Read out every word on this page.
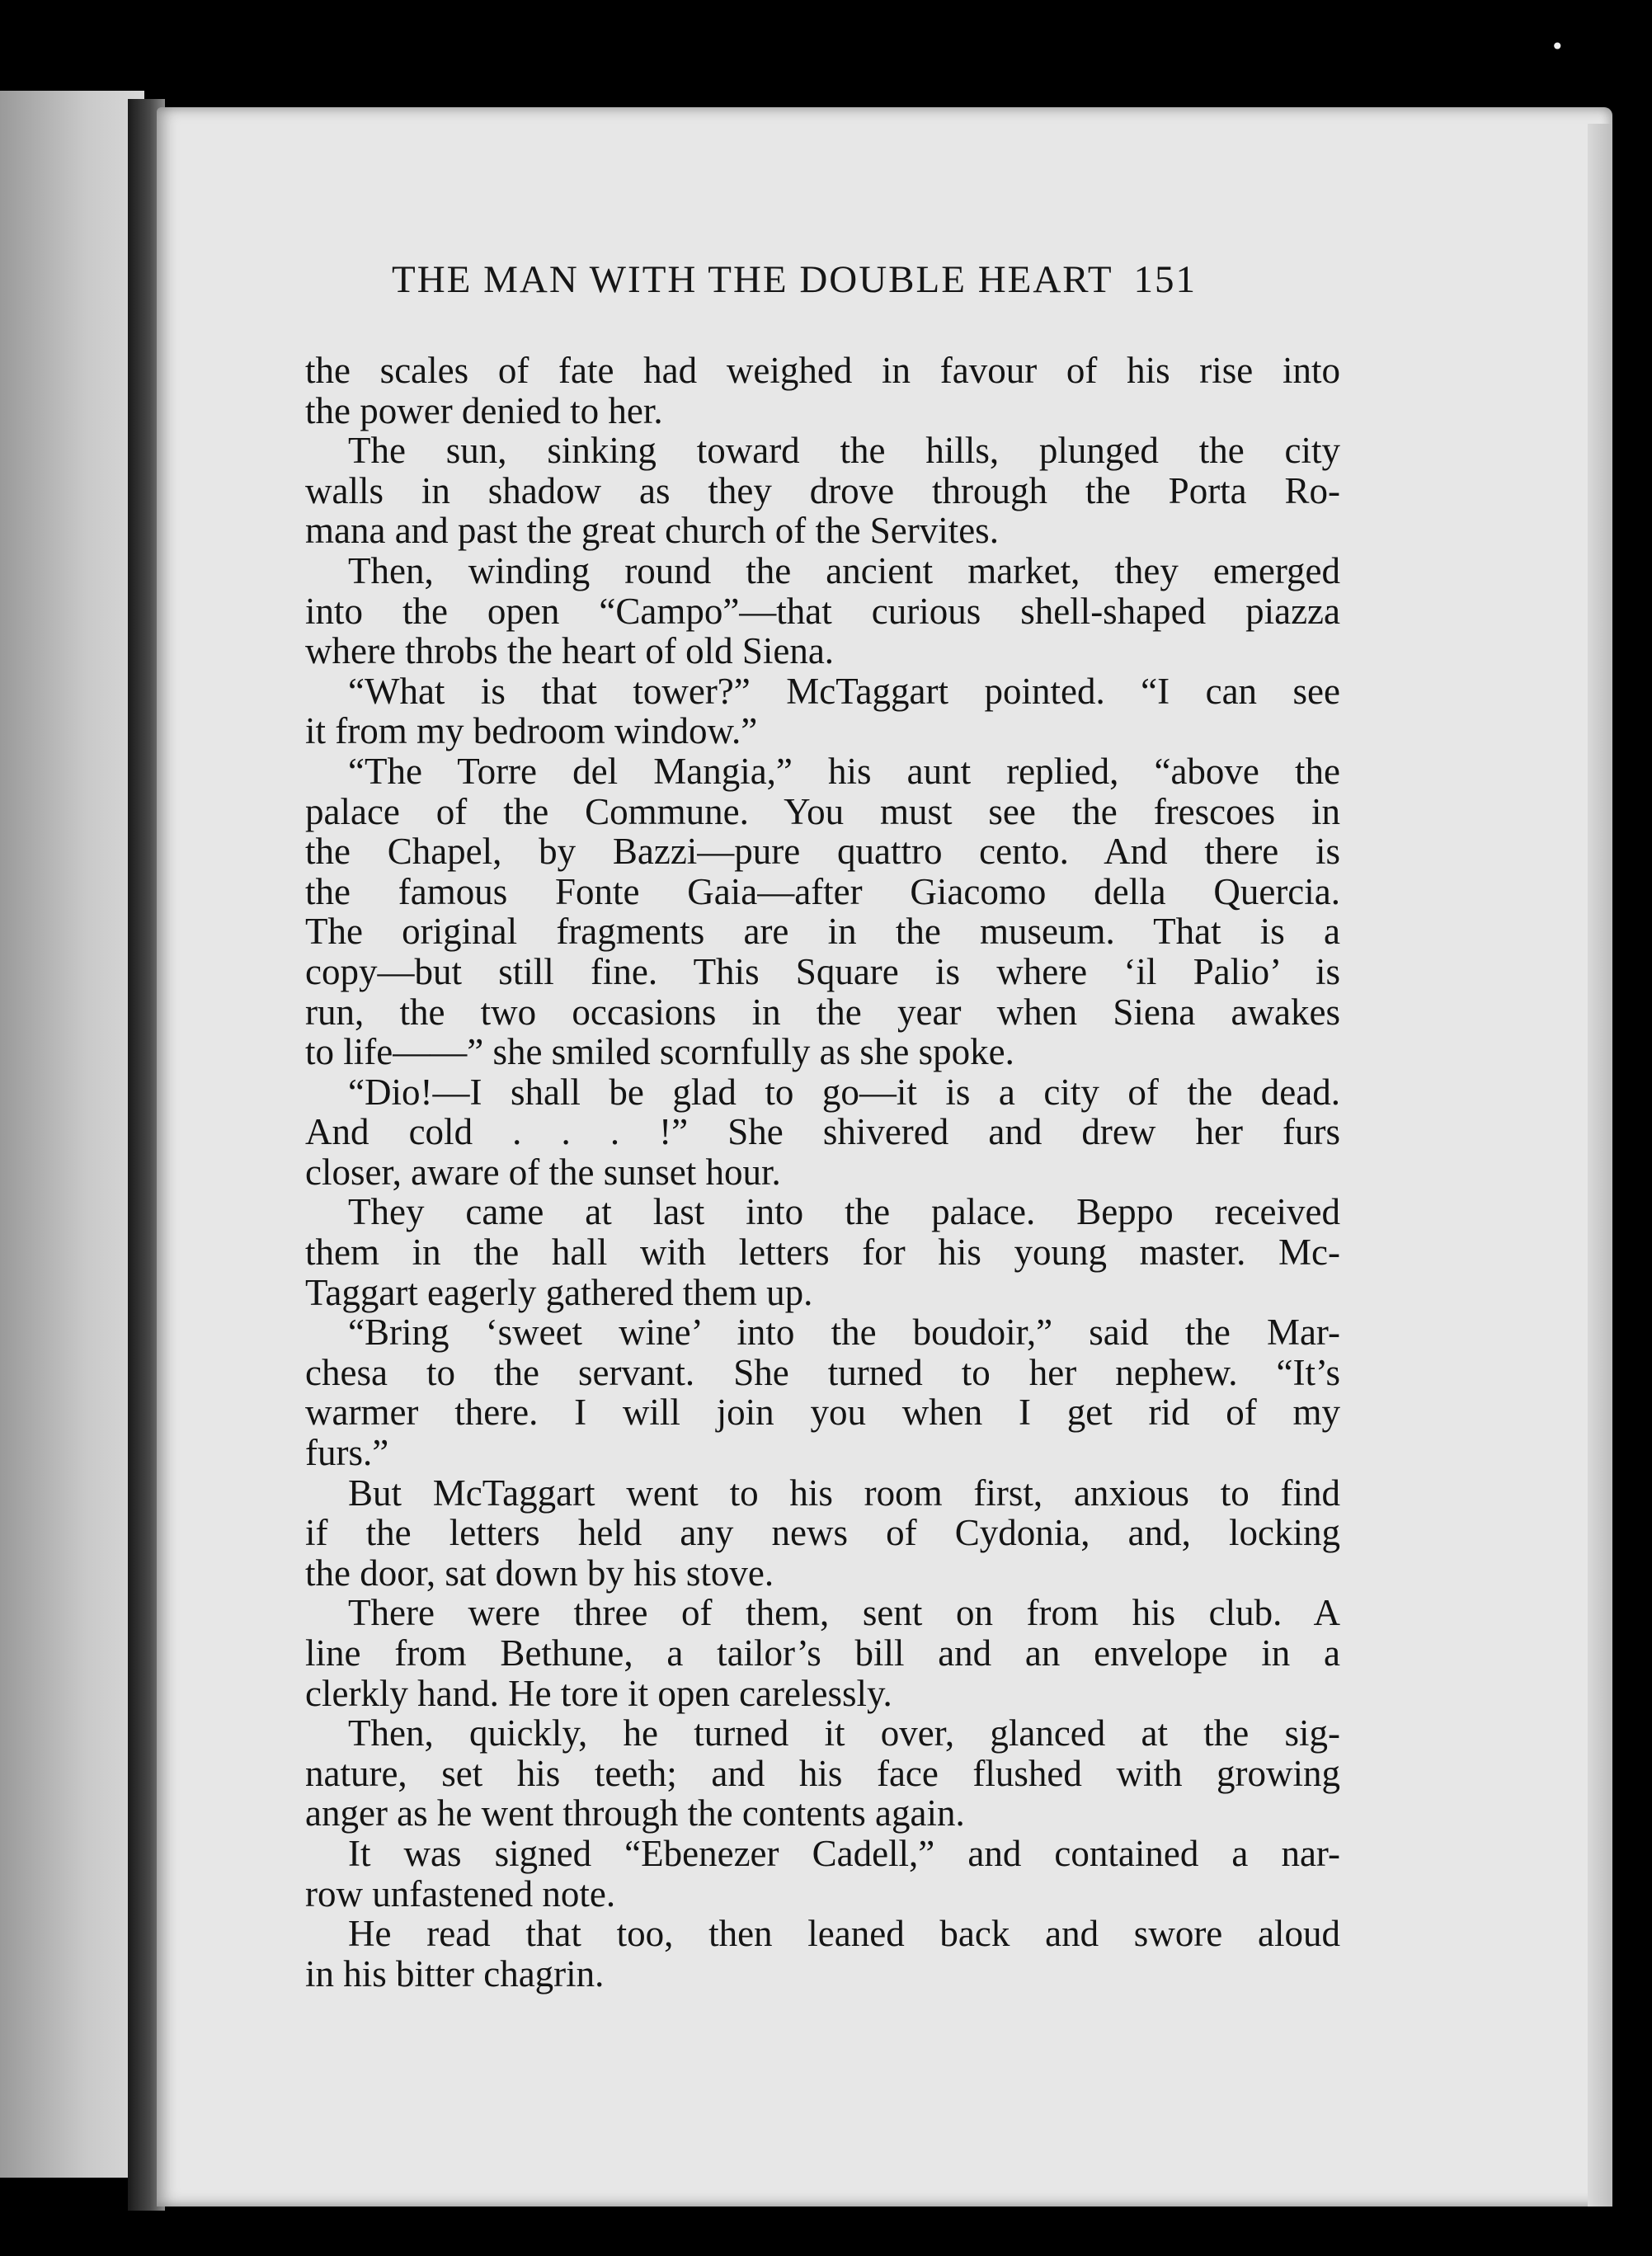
•
THE MAN WITH THE DOUBLE HEART 151
the scales of fate had weighed in favour of his rise into
the power denied to her.
The sun, sinking toward the hills, plunged the city
walls in shadow as they drove through the Porta Ro-
mana and past the great church of the Servites.
Then, winding round the ancient market, they emerged
into the open “Campo”—that curious shell-shaped piazza
where throbs the heart of old Siena.
“What is that tower?” McTaggart pointed. “I can see
it from my bedroom window.”
“The Torre del Mangia,” his aunt replied, “above the
palace of the Commune. You must see the frescoes in
the Chapel, by Bazzi—pure quattro cento. And there is
the famous Fonte Gaia—after Giacomo della Quercia.
The original fragments are in the museum. That is a
copy—but still fine. This Square is where ‘il Palio’ is
run, the two occasions in the year when Siena awakes
to life——” she smiled scornfully as she spoke.
“Dio!—I shall be glad to go—it is a city of the dead.
And cold . . . !” She shivered and drew her furs
closer, aware of the sunset hour.
They came at last into the palace. Beppo received
them in the hall with letters for his young master. Mc-
Taggart eagerly gathered them up.
“Bring ‘sweet wine’ into the boudoir,” said the Mar-
chesa to the servant. She turned to her nephew. “It’s
warmer there. I will join you when I get rid of my
furs.”
But McTaggart went to his room first, anxious to find
if the letters held any news of Cydonia, and, locking
the door, sat down by his stove.
There were three of them, sent on from his club. A
line from Bethune, a tailor’s bill and an envelope in a
clerkly hand. He tore it open carelessly.
Then, quickly, he turned it over, glanced at the sig-
nature, set his teeth; and his face flushed with growing
anger as he went through the contents again.
It was signed “Ebenezer Cadell,” and contained a nar-
row unfastened note.
He read that too, then leaned back and swore aloud
in his bitter chagrin.
